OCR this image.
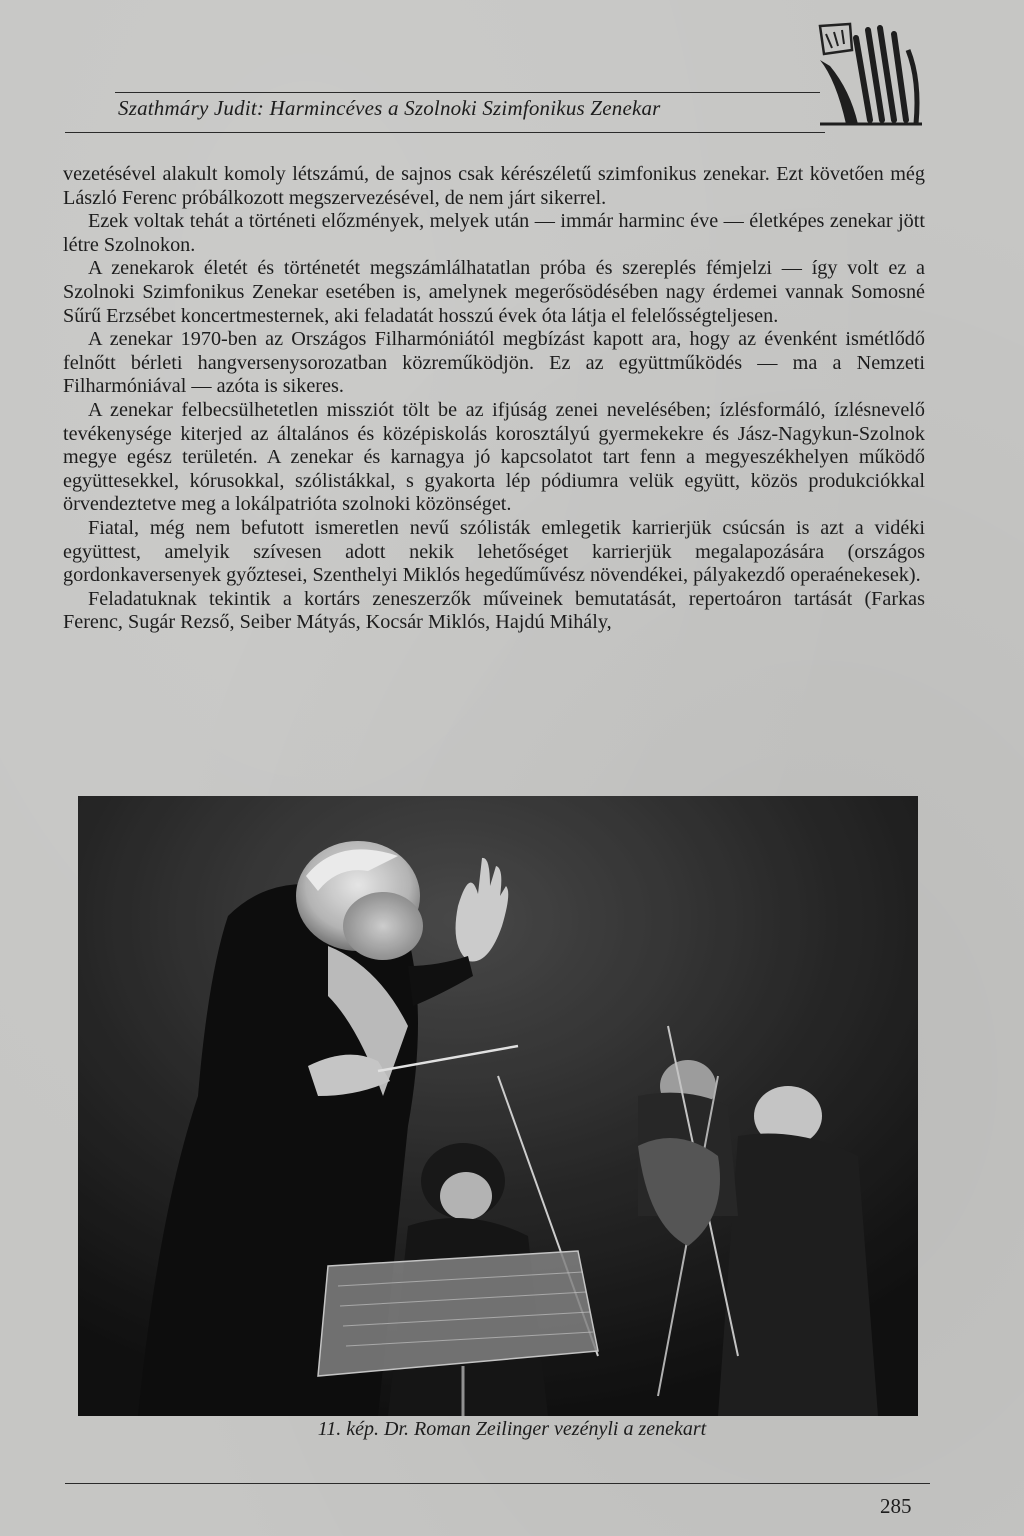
Szathmáry Judit: Harmincéves a Szolnoki Szimfonikus Zenekar

vezetésével alakult komoly létszámú, de sajnos csak kérészéletű szimfonikus zenekar. Ezt követően még László Ferenc próbálkozott megszervezésével, de nem járt sikerrel.

Ezek voltak tehát a történeti előzmények, melyek után — immár harminc éve — életképes zenekar jött létre Szolnokon.

A zenekarok életét és történetét megszámlálhatatlan próba és szereplés fémjelzi — így volt ez a Szolnoki Szimfonikus Zenekar esetében is, amelynek megerősödésében nagy érdemei vannak Somosné Sűrű Erzsébet koncertmesternek, aki feladatát hosszú évek óta látja el felelősségteljesen.

A zenekar 1970-ben az Országos Filharmóniától megbízást kapott ara, hogy az évenként ismétlődő felnőtt bérleti hangversenysorozatban közreműködjön. Ez az együttműködés — ma a Nemzeti Filharmóniával — azóta is sikeres.

A zenekar felbecsülhetetlen missziót tölt be az ifjúság zenei nevelésében; ízlésformáló, ízlésnevelő tevékenysége kiterjed az általános és középiskolás korosztályú gyermekekre és Jász-Nagykun-Szolnok megye egész területén. A zenekar és karnagya jó kapcsolatot tart fenn a megyeszékhelyen működő együttesekkel, kórusokkal, szólistákkal, s gyakorta lép pódiumra velük együtt, közös produkciókkal örvendeztetve meg a lokálpatrióta szolnoki közönséget.

Fiatal, még nem befutott ismeretlen nevű szólisták emlegetik karrierjük csúcsán is azt a vidéki együttest, amelyik szívesen adott nekik lehetőséget karrierjük megalapozására (országos gordonkaversenyek győztesei, Szenthelyi Miklós hegedűművész növendékei, pályakezdő operaénekesek).

Feladatuknak tekintik a kortárs zeneszerzők műveinek bemutatását, repertoáron tartását (Farkas Ferenc, Sugár Rezső, Seiber Mátyás, Kocsár Miklós, Hajdú Mihály,

11. kép. Dr. Roman Zeilinger vezényli a zenekart
285
